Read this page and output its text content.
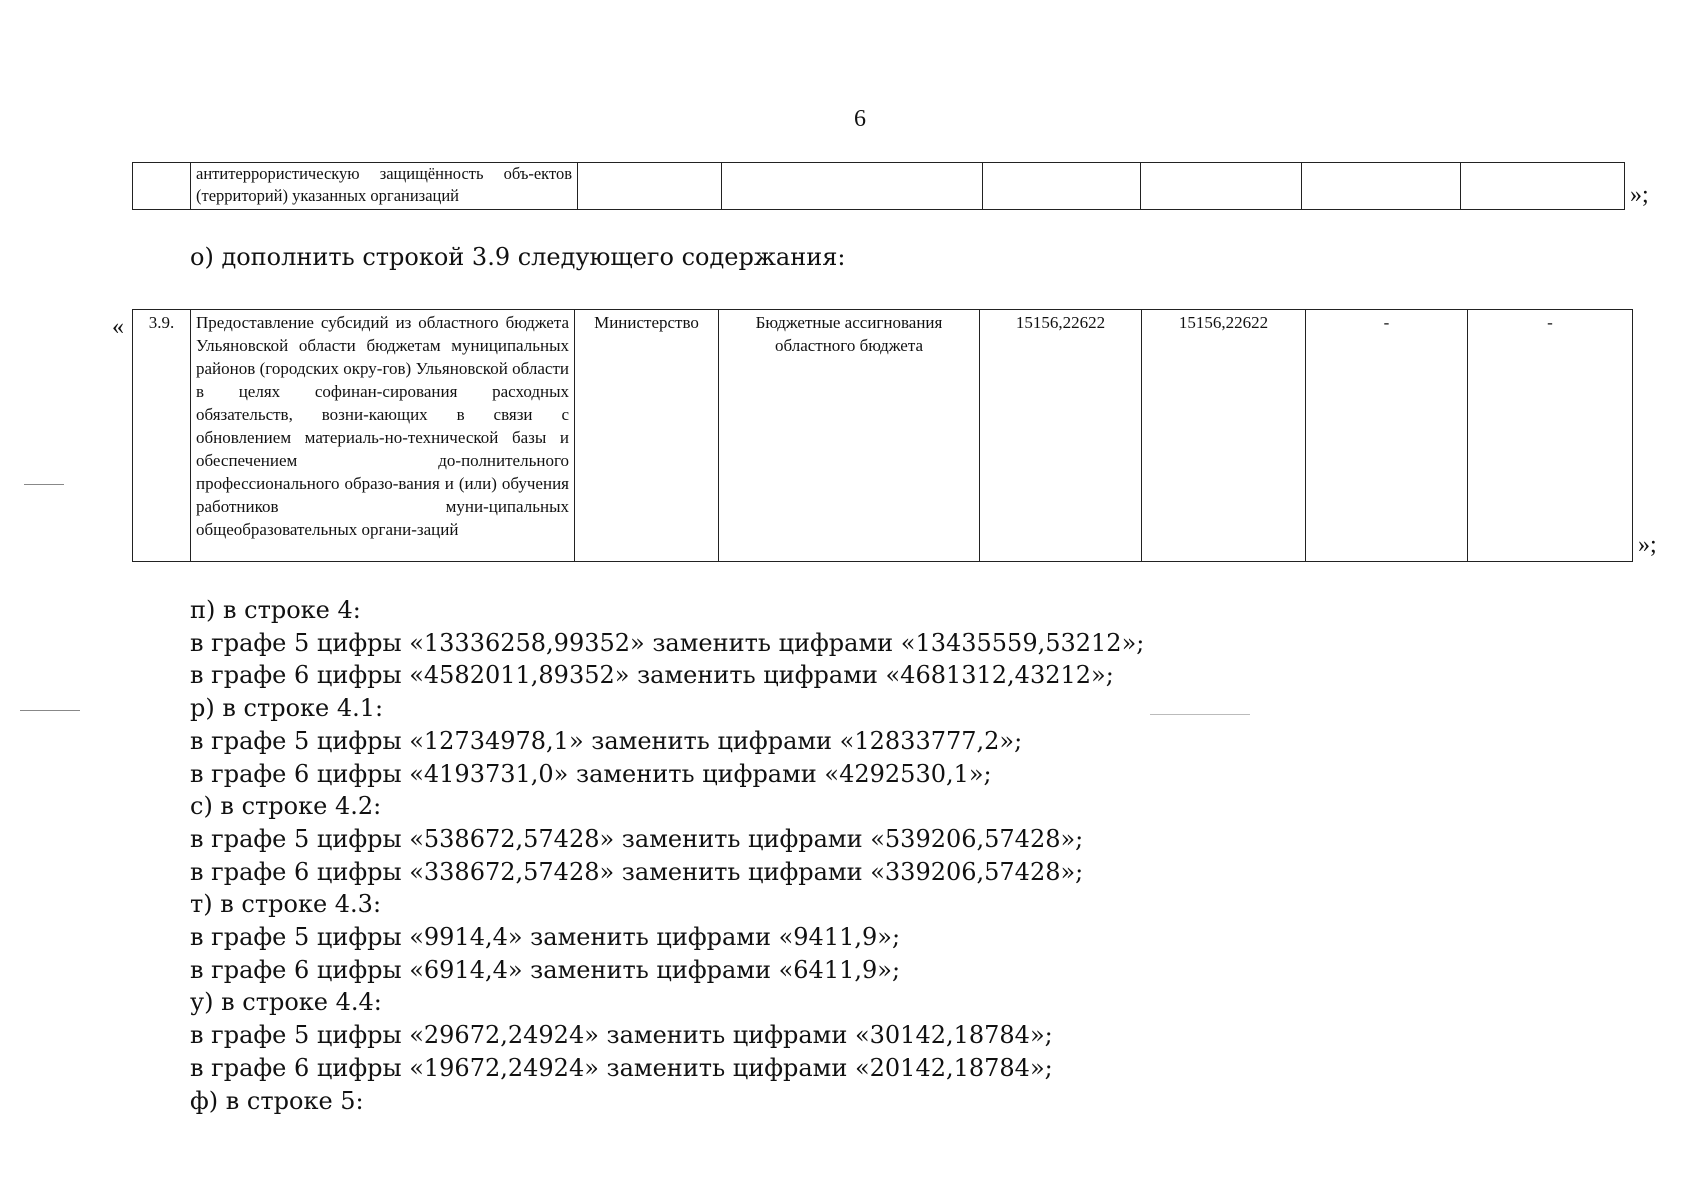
6
	антитеррористическую защищённость объ-ектов (территорий) указанных организаций							»;
о) дополнить строкой 3.9 следующего содержания:
« 3.9.	Предоставление субсидий из областного бюджета Ульяновской области бюджетам муниципальных районов (городских окру-гов) Ульяновской области в целях софинан-сирования расходных обязательств, возни-кающих в связи с обновлением материаль-но-технической базы и обеспечением до-полнительного профессионального образо-вания и (или) обучения работников муни-ципальных общеобразовательных органи-заций	Министерство	Бюджетные ассигнования областного бюджета	15156,22622	15156,22622	-	-
»;
п) в строке 4:
в графе 5 цифры «13336258,99352» заменить цифрами «13435559,53212»;
в графе 6 цифры «4582011,89352» заменить цифрами «4681312,43212»;
р) в строке 4.1:
в графе 5 цифры «12734978,1» заменить цифрами «12833777,2»;
в графе 6 цифры «4193731,0» заменить цифрами «4292530,1»;
с) в строке 4.2:
в графе 5 цифры «538672,57428» заменить цифрами «539206,57428»;
в графе 6 цифры «338672,57428» заменить цифрами «339206,57428»;
т) в строке 4.3:
в графе 5 цифры «9914,4» заменить цифрами «9411,9»;
в графе 6 цифры «6914,4» заменить цифрами «6411,9»;
у) в строке 4.4:
в графе 5 цифры «29672,24924» заменить цифрами «30142,18784»;
в графе 6 цифры «19672,24924» заменить цифрами «20142,18784»;
ф) в строке 5:
